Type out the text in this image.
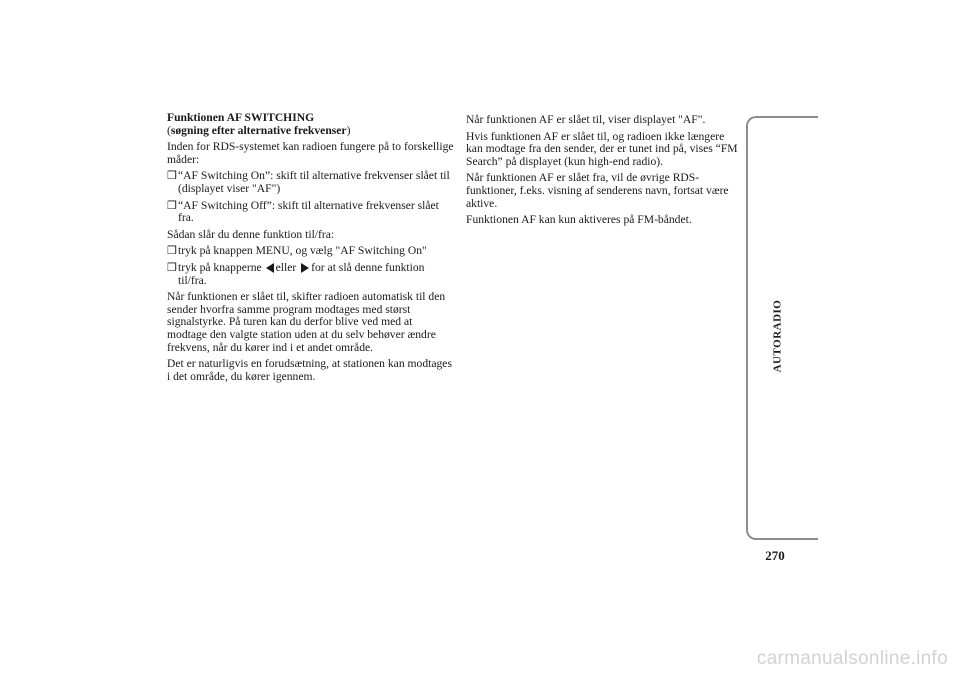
Funktionen AF SWITCHING
(søgning efter alternative frekvenser)
Inden for RDS-systemet kan radioen fungere på to forskellige måder:
❒ “AF Switching On”: skift til alternative frekvenser slået til (displayet viser "AF")
❒ “AF Switching Off”: skift til alternative frekvenser slået fra.
Sådan slår du denne funktion til/fra:
❒ tryk på knappen MENU, og vælg "AF Switching On"
❒ tryk på knapperne eller for at slå denne funktion til/fra.
Når funktionen er slået til, skifter radioen automatisk til den sender hvorfra samme program modtages med størst signalstyrke. På turen kan du derfor blive ved med at modtage den valgte station uden at du selv behøver ændre frekvens, når du kører ind i et andet område.
Det er naturligvis en forudsætning, at stationen kan modtages i det område, du kører igennem.
Når funktionen AF er slået til, viser displayet "AF".
Hvis funktionen AF er slået til, og radioen ikke længere kan modtage fra den sender, der er tunet ind på, vises “FM Search” på displayet (kun high-end radio).
Når funktionen AF er slået fra, vil de øvrige RDS-funktioner, f.eks. visning af senderens navn, fortsat være aktive.
Funktionen AF kan kun aktiveres på FM-båndet.
AUTORADIO
270
carmanualsonline.info
